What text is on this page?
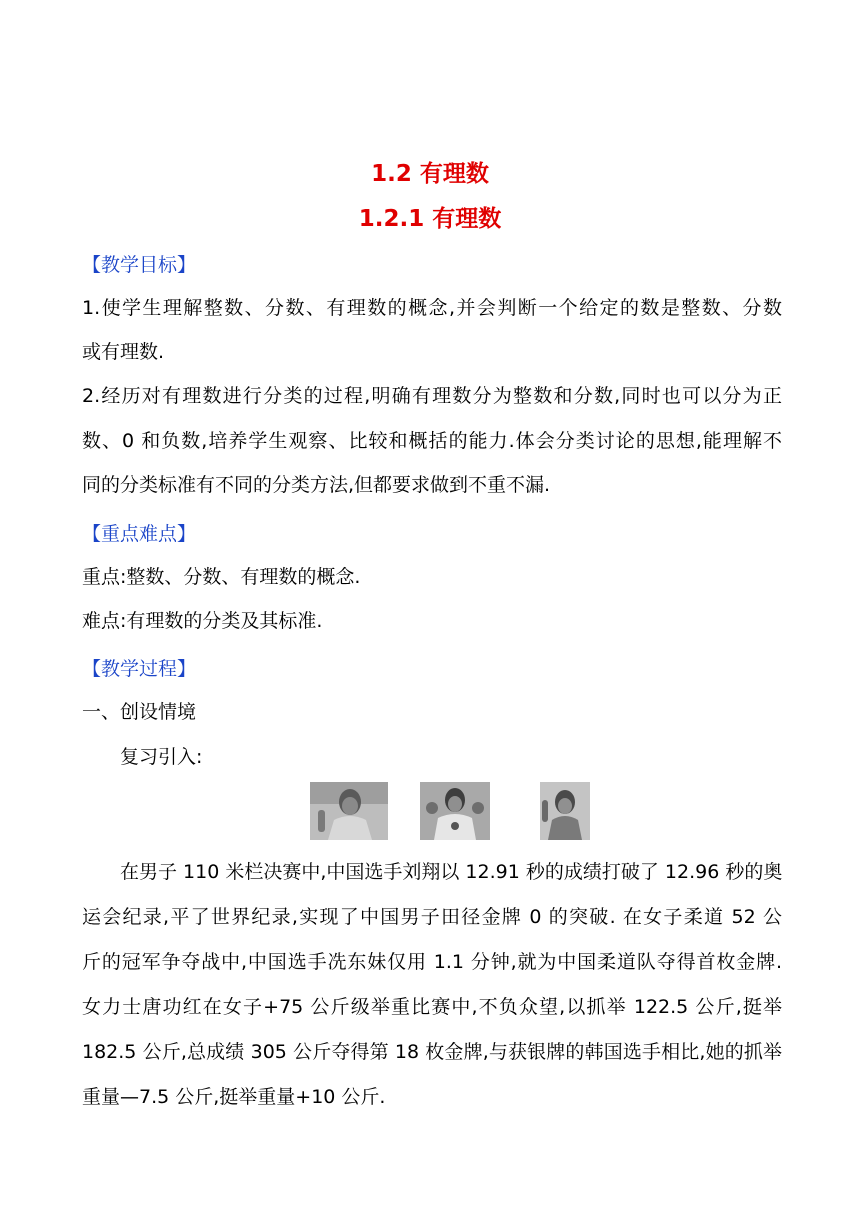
1.2 有理数
1.2.1 有理数
【教学目标】
1.使学生理解整数、分数、有理数的概念,并会判断一个给定的数是整数、分数
或有理数.
2.经历对有理数进行分类的过程,明确有理数分为整数和分数,同时也可以分为正
数、0 和负数,培养学生观察、比较和概括的能力.体会分类讨论的思想,能理解不
同的分类标准有不同的分类方法,但都要求做到不重不漏.
【重点难点】
重点:整数、分数、有理数的概念.
难点:有理数的分类及其标准.
【教学过程】
一、创设情境
复习引入:
在男子 110 米栏决赛中,中国选手刘翔以 12.91 秒的成绩打破了 12.96 秒的奥
运会纪录,平了世界纪录,实现了中国男子田径金牌 0 的突破. 在女子柔道 52 公
斤的冠军争夺战中,中国选手冼东妹仅用 1.1 分钟,就为中国柔道队夺得首枚金牌.
女力士唐功红在女子+75 公斤级举重比赛中,不负众望,以抓举 122.5 公斤,挺举
182.5 公斤,总成绩 305 公斤夺得第 18 枚金牌,与获银牌的韩国选手相比,她的抓举
重量—7.5 公斤,挺举重量+10 公斤.
